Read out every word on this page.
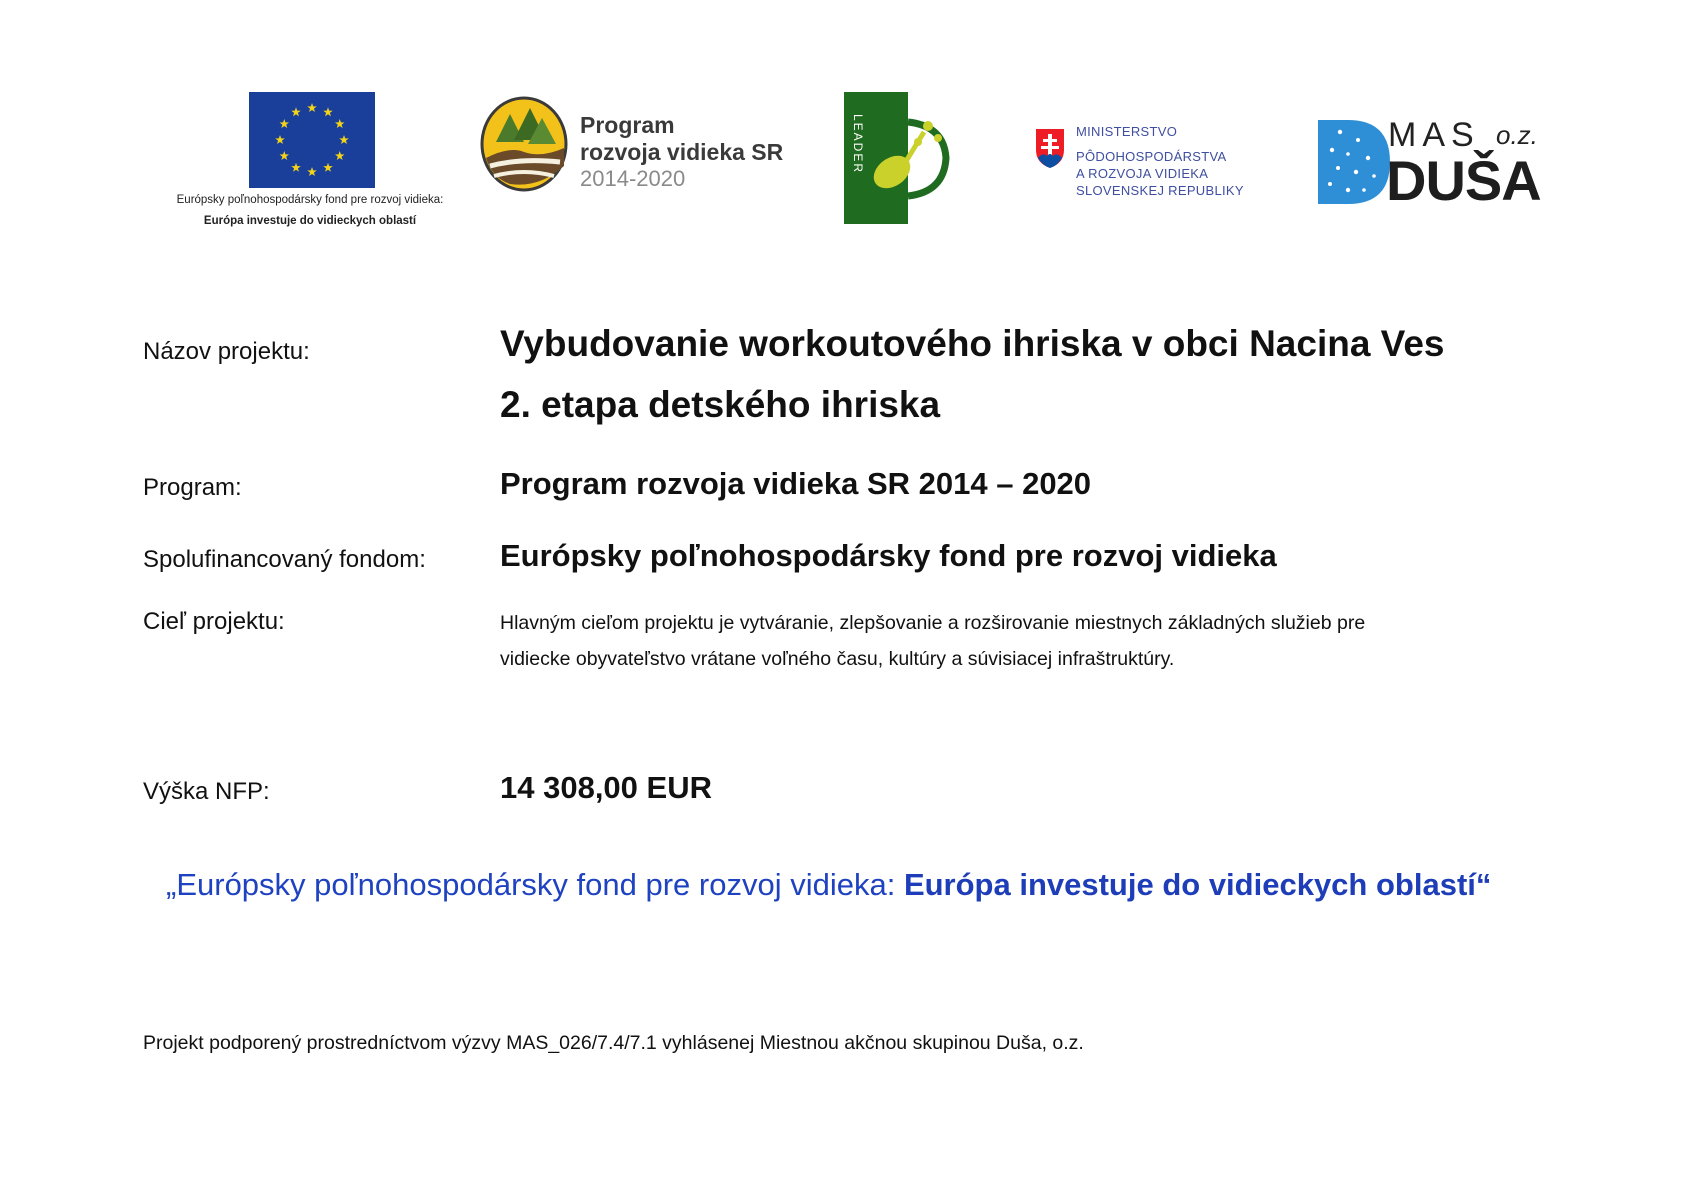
Európsky poľnohospodársky fond pre rozvoj vidieka:
Európa investuje do vidieckych oblastí
Program
rozvoja vidieka SR
2014-2020
LEADER	MINISTERSTVO
PÔDOHOSPODÁRSTVA
A ROZVOJA VIDIEKA
SLOVENSKEJ REPUBLIKY
MAS o.z.
DUŠA
Názov projektu:	Vybudovanie workoutového ihriska v obci Nacina Ves
2. etapa detského ihriska
Program:	Program rozvoja vidieka SR 2014 – 2020
Spolufinancovaný fondom: Európsky poľnohospodársky fond pre rozvoj vidieka
Cieľ projektu:	Hlavným cieľom projektu je vytváranie, zlepšovanie a rozširovanie miestnych základných služieb pre
vidiecke obyvateľstvo vrátane voľného času, kultúry a súvisiacej infraštruktúry.
Výška NFP:	14 308,00 EUR
„Európsky poľnohospodársky fond pre rozvoj vidieka: Európa investuje do vidieckych oblastí“
Projekt podporený prostredníctvom výzvy MAS_026/7.4/7.1 vyhlásenej Miestnou akčnou skupinou Duša, o.z.
